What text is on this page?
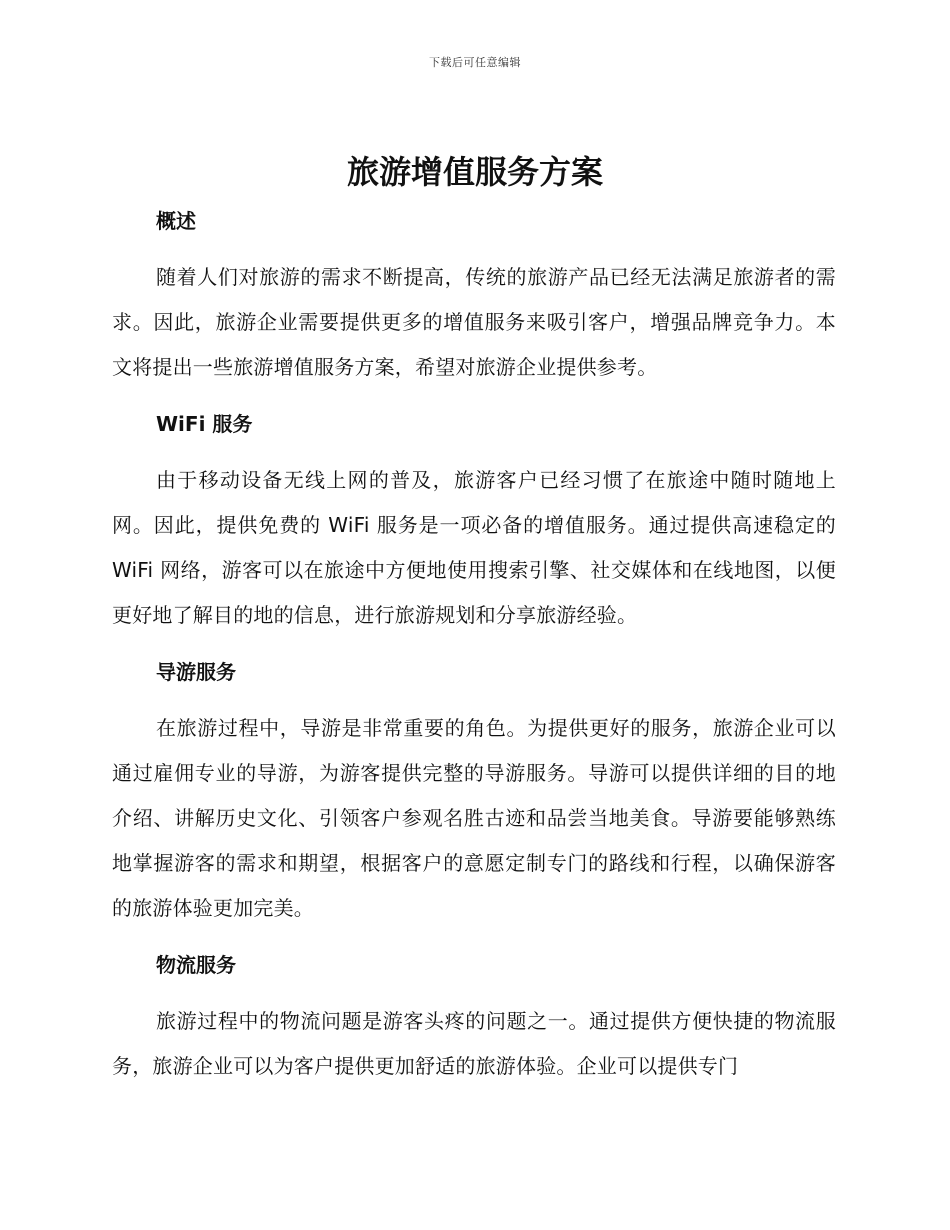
下载后可任意编辑
旅游增值服务方案
概述

随着人们对旅游的需求不断提高，传统的旅游产品已经无法满足旅游者的需求。因此，旅游企业需要提供更多的增值服务来吸引客户，增强品牌竞争力。本文将提出一些旅游增值服务方案，希望对旅游企业提供参考。

WiFi 服务

由于移动设备无线上网的普及，旅游客户已经习惯了在旅途中随时随地上网。因此，提供免费的 WiFi 服务是一项必备的增值服务。通过提供高速稳定的 WiFi 网络，游客可以在旅途中方便地使用搜索引擎、社交媒体和在线地图，以便更好地了解目的地的信息，进行旅游规划和分享旅游经验。

导游服务

在旅游过程中，导游是非常重要的角色。为提供更好的服务，旅游企业可以通过雇佣专业的导游，为游客提供完整的导游服务。导游可以提供详细的目的地介绍、讲解历史文化、引领客户参观名胜古迹和品尝当地美食。导游要能够熟练地掌握游客的需求和期望，根据客户的意愿定制专门的路线和行程，以确保游客的旅游体验更加完美。

物流服务

旅游过程中的物流问题是游客头疼的问题之一。通过提供方便快捷的物流服务，旅游企业可以为客户提供更加舒适的旅游体验。企业可以提供专门
